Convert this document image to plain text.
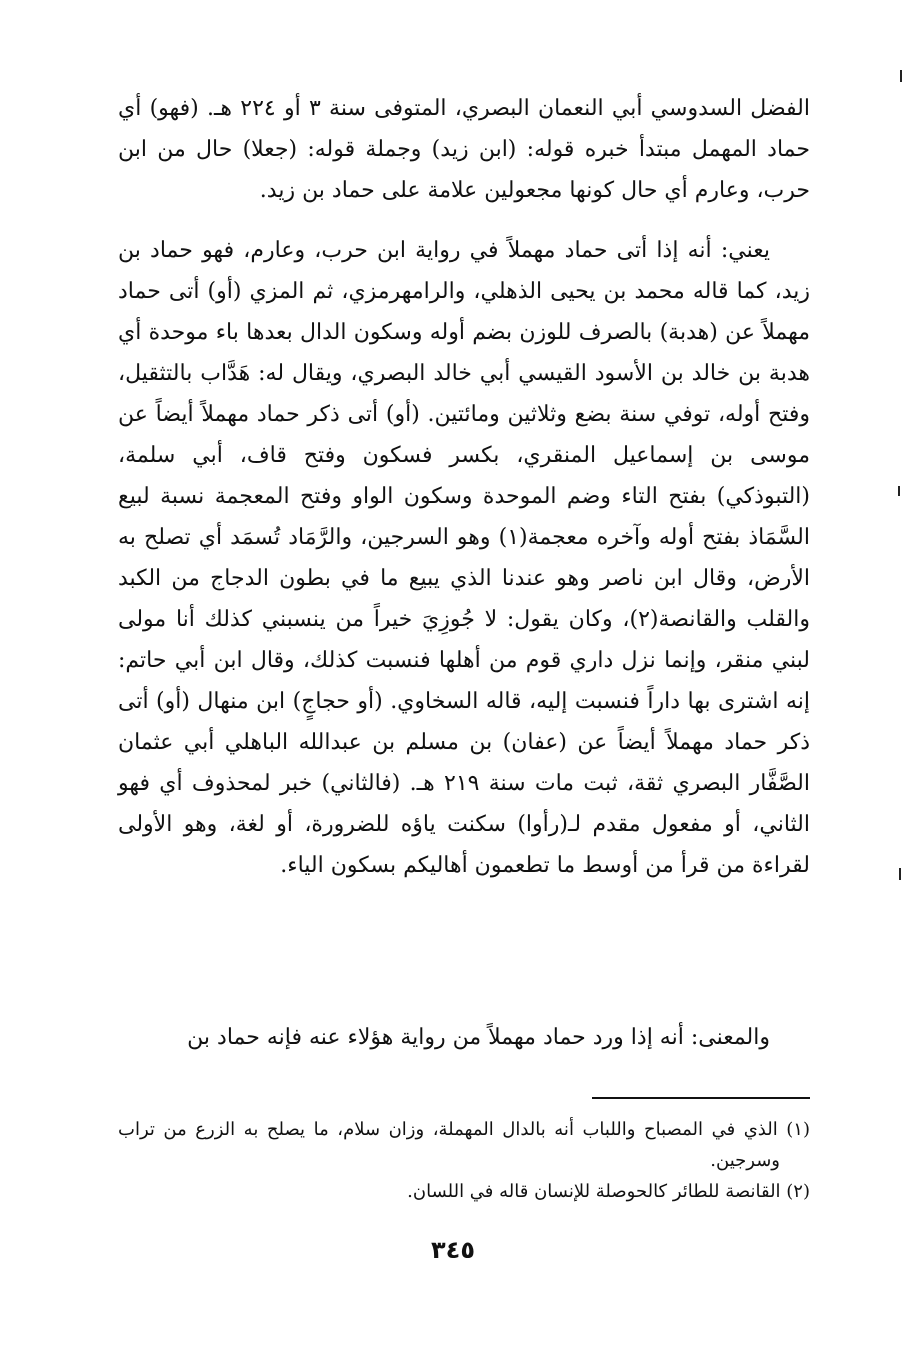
الفضل السدوسي أبي النعمان البصري، المتوفى سنة ٣ أو ٢٢٤ هـ. (فهو) أي حماد المهمل مبتدأ خبره قوله: (ابن زيد) وجملة قوله: (جعلا) حال من ابن حرب، وعارم أي حال كونها مجعولين علامة على حماد بن زيد.

يعني: أنه إذا أتى حماد مهملاً في رواية ابن حرب، وعارم، فهو حماد بن زيد، كما قاله محمد بن يحيى الذهلي، والرامهرمزي، ثم المزي (أو) أتى حماد مهملاً عن (هدبة) بالصرف للوزن بضم أوله وسكون الدال بعدها باء موحدة أي هدبة بن خالد بن الأسود القيسي أبي خالد البصري، ويقال له: هَدَّاب بالتثقيل، وفتح أوله، توفي سنة بضع وثلاثين ومائتين. (أو) أتى ذكر حماد مهملاً أيضاً عن موسى بن إسماعيل المنقري، بكسر فسكون وفتح قاف، أبي سلمة، (التبوذكي) بفتح التاء وضم الموحدة وسكون الواو وفتح المعجمة نسبة لبيع السَّمَاذ بفتح أوله وآخره معجمة(١) وهو السرجين، والرَّمَاد تُسمَد أي تصلح به الأرض، وقال ابن ناصر وهو عندنا الذي يبيع ما في بطون الدجاج من الكبد والقلب والقانصة(٢)، وكان يقول: لا جُوزِيَ خيراً من ينسبني كذلك أنا مولى لبني منقر، وإنما نزل داري قوم من أهلها فنسبت كذلك، وقال ابن أبي حاتم: إنه اشترى بها داراً فنسبت إليه، قاله السخاوي. (أو حجاجٍ) ابن منهال (أو) أتى ذكر حماد مهملاً أيضاً عن (عفان) بن مسلم بن عبدالله الباهلي أبي عثمان الصَّفَّار البصري ثقة، ثبت مات سنة ٢١٩ هـ. (فالثاني) خبر لمحذوف أي فهو الثاني، أو مفعول مقدم لـ(رأوا) سكنت ياؤه للضرورة، أو لغة، وهو الأولى لقراءة من قرأ من أوسط ما تطعمون أهاليكم بسكون الياء.

والمعنى: أنه إذا ورد حماد مهملاً من رواية هؤلاء عنه فإنه حماد بن

(١) الذي في المصباح واللباب أنه بالدال المهملة، وزان سلام، ما يصلح به الزرع من تراب وسرجين.
(٢) القانصة للطائر كالحوصلة للإنسان قاله في اللسان.
٣٤٥
